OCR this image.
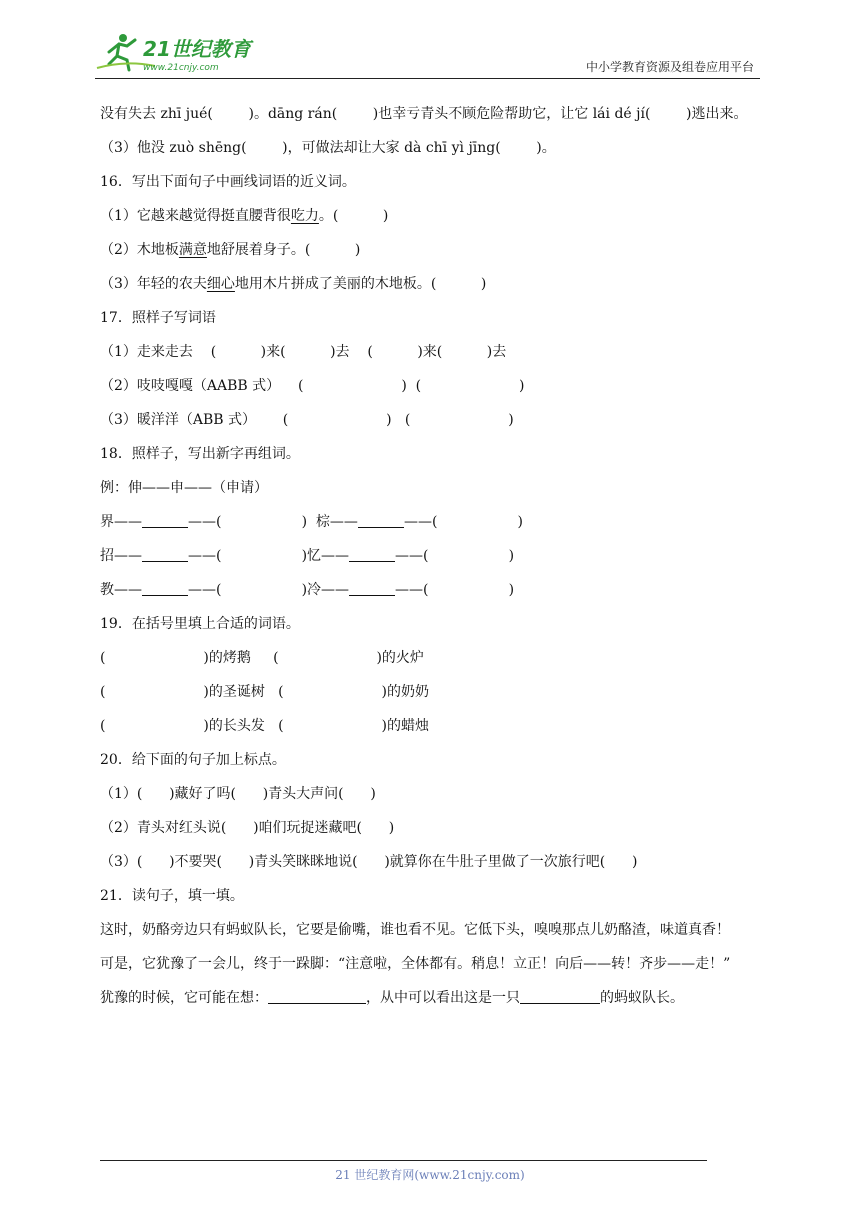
21世纪教育
www.21cnjy.com	中小学教育资源及组卷应用平台
没有失去 zhī jué(        )。dāng rán(        )也幸亏青头不顾危险帮助它，让它 lái dé jí(        )逃出来。
（3）他没 zuò shēng(        )，可做法却让大家 dà chī yì jīng(        )。
16．写出下面句子中画线词语的近义词。
（1）它越来越觉得挺直腰背很吃力。(          )
（2）木地板满意地舒展着身子。(          )
（3）年轻的农夫细心地用木片拼成了美丽的木地板。(          )
17．照样子写词语
（1）走来走去    (          )来(          )去    (          )来(          )去
（2）吱吱嘎嘎（AABB 式）    (                      )  (                      )
（3）暖洋洋（ABB 式）      (                      )   (                      )
18．照样子，写出新字再组词。
例：伸——申——（申请）
界——	——(                  )  棕——	——(                  )
招——	——(                  )忆——	——(                  )
教——	——(                  )冷——	——(                  )
19．在括号里填上合适的词语。
(                      )的烤鹅     (                      )的火炉
(                      )的圣诞树   (                      )的奶奶
(                      )的长头发   (                      )的蜡烛
20．给下面的句子加上标点。
（1）(      )藏好了吗(      )青头大声问(      )
（2）青头对红头说(      )咱们玩捉迷藏吧(      )
（3）(      )不要哭(      )青头笑眯眯地说(      )就算你在牛肚子里做了一次旅行吧(      )
21．读句子，填一填。
这时，奶酪旁边只有蚂蚁队长，它要是偷嘴，谁也看不见。它低下头，嗅嗅那点儿奶酪渣，味道真香！
可是，它犹豫了一会儿，终于一跺脚：“注意啦，全体都有。稍息！立正！向后——转！齐步——走！”
犹豫的时候，它可能在想：	，从中可以看出这是一只	的蚂蚁队长。
21 世纪教育网(www.21cnjy.com)
